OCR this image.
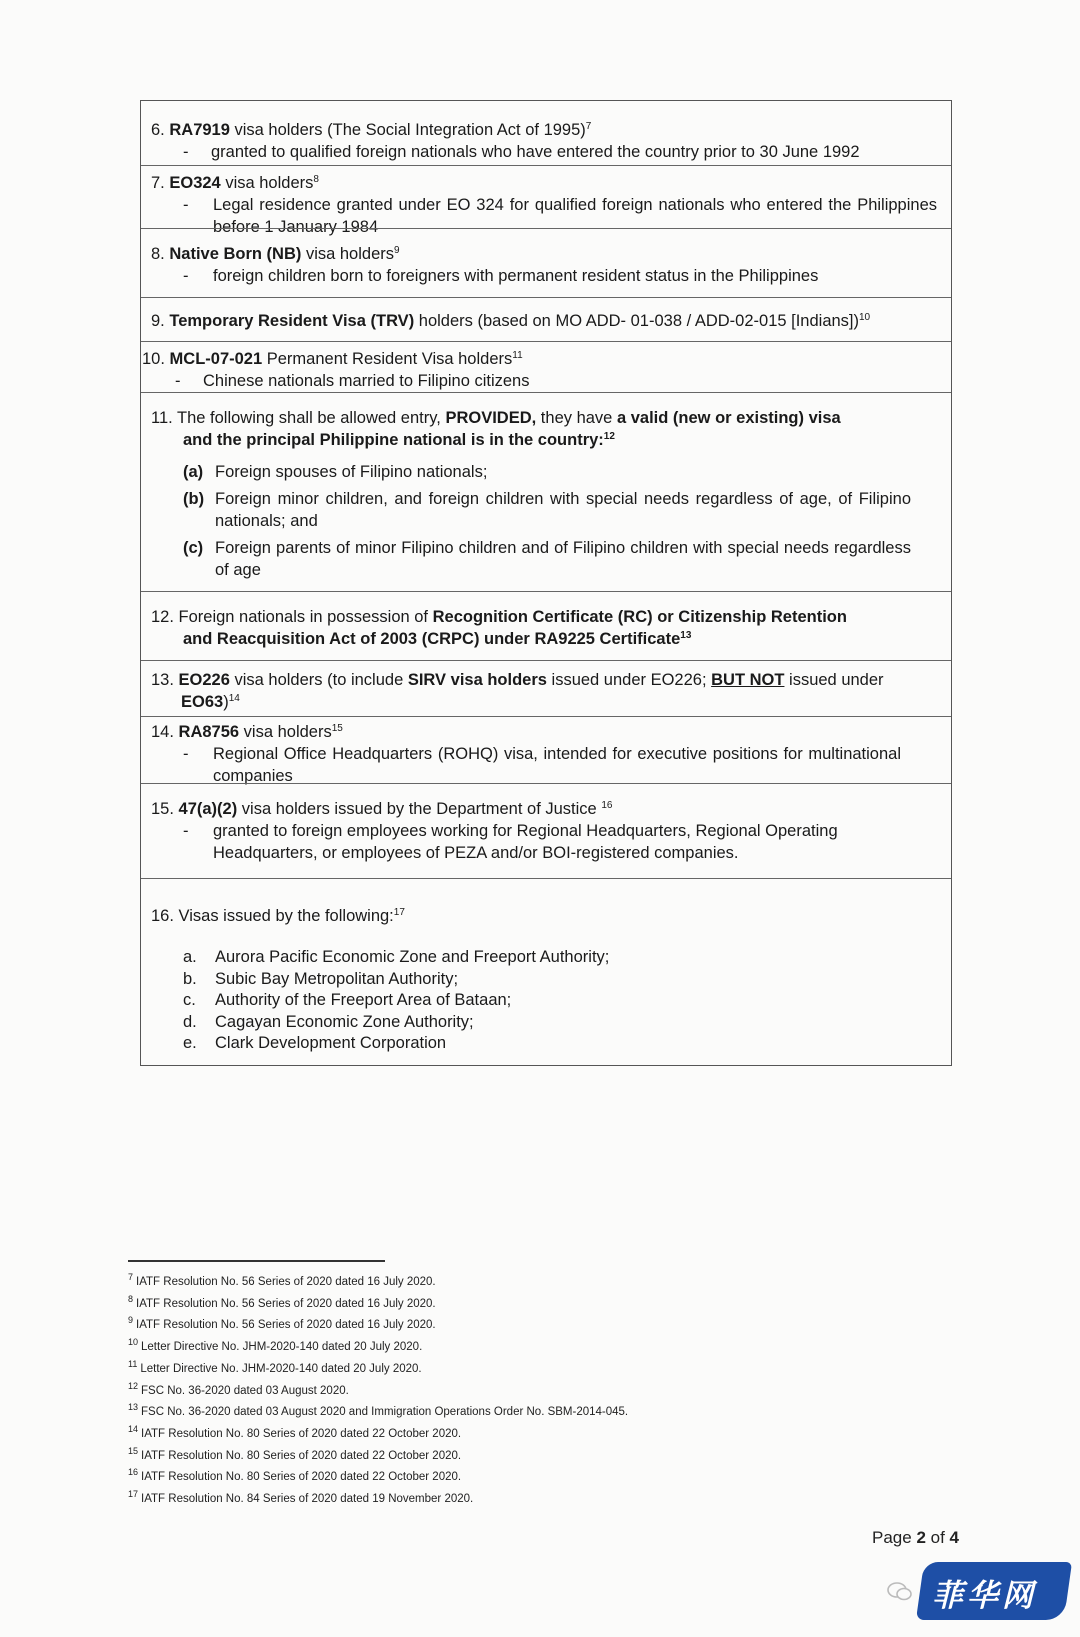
6. RA7919 visa holders (The Social Integration Act of 1995)$^7$
-	granted to qualified foreign nationals who have entered the country prior to 30 June 1992
7. EO324 visa holders$^8$
-	Legal residence granted under EO 324 for qualified foreign nationals who entered the Philippines before 1 January 1984
8. Native Born (NB) visa holders$^9$
-	foreign children born to foreigners with permanent resident status in the Philippines
9. Temporary Resident Visa (TRV) holders (based on MO ADD- 01-038 / ADD-02-015 [Indians])$^{10}$
10. MCL-07-021 Permanent Resident Visa holders$^{11}$
-	Chinese nationals married to Filipino citizens
11. The following shall be allowed entry, PROVIDED, they have a valid (new or existing) visa
and the principal Philippine national is in the country:$^{12}$
(a) Foreign spouses of Filipino nationals;
(b) Foreign minor children, and foreign children with special needs regardless of age, of Filipino nationals; and
(c) Foreign parents of minor Filipino children and of Filipino children with special needs regardless of age
12. Foreign nationals in possession of Recognition Certificate (RC) or Citizenship Retention
and Reacquisition Act of 2003 (CRPC) under RA9225 Certificate$^{13}$
13. EO226 visa holders (to include SIRV visa holders issued under EO226; BUT NOT issued under
EO63)$^{14}$
14. RA8756 visa holders$^{15}$
-	Regional Office Headquarters (ROHQ) visa, intended for executive positions for multinational companies
15. 47(a)(2) visa holders issued by the Department of Justice $^{16}$
-	granted to foreign employees working for Regional Headquarters, Regional Operating Headquarters, or employees of PEZA and/or BOI-registered companies.
16. Visas issued by the following:$^{17}$
a.	Aurora Pacific Economic Zone and Freeport Authority;
b.	Subic Bay Metropolitan Authority;
c.	Authority of the Freeport Area of Bataan;
d.	Cagayan Economic Zone Authority;
e.	Clark Development Corporation
$^7$ IATF Resolution No. 56 Series of 2020 dated 16 July 2020.
$^8$ IATF Resolution No. 56 Series of 2020 dated 16 July 2020.
$^9$ IATF Resolution No. 56 Series of 2020 dated 16 July 2020.
$^{10}$ Letter Directive No. JHM-2020-140 dated 20 July 2020.
$^{11}$ Letter Directive No. JHM-2020-140 dated 20 July 2020.
$^{12}$ FSC No. 36-2020 dated 03 August 2020.
$^{13}$ FSC No. 36-2020 dated 03 August 2020 and Immigration Operations Order No. SBM-2014-045.
$^{14}$ IATF Resolution No. 80 Series of 2020 dated 22 October 2020.
$^{15}$ IATF Resolution No. 80 Series of 2020 dated 22 October 2020.
$^{16}$ IATF Resolution No. 80 Series of 2020 dated 22 October 2020.
$^{17}$ IATF Resolution No. 84 Series of 2020 dated 19 November 2020.
Page 2 of 4
菲华网
